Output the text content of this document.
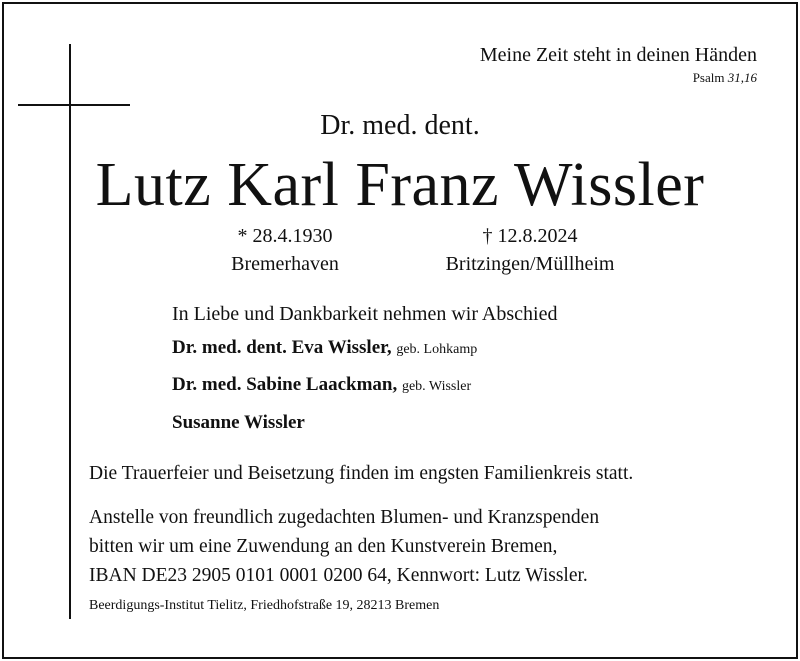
Meine Zeit steht in deinen Händen
Psalm 31,16
Dr. med. dent.
Lutz Karl Franz Wissler
* 28.4.1930
Bremerhaven
† 12.8.2024
Britzingen/Müllheim
In Liebe und Dankbarkeit nehmen wir Abschied
Dr. med. dent. Eva Wissler, geb. Lohkamp
Dr. med. Sabine Laackman, geb. Wissler
Susanne Wissler
Die Trauerfeier und Beisetzung finden im engsten Familienkreis statt.
Anstelle von freundlich zugedachten Blumen- und Kranzspenden
bitten wir um eine Zuwendung an den Kunstverein Bremen,
IBAN DE23 2905 0101 0001 0200 64, Kennwort: Lutz Wissler.
Beerdigungs-Institut Tielitz, Friedhofstraße 19, 28213 Bremen
